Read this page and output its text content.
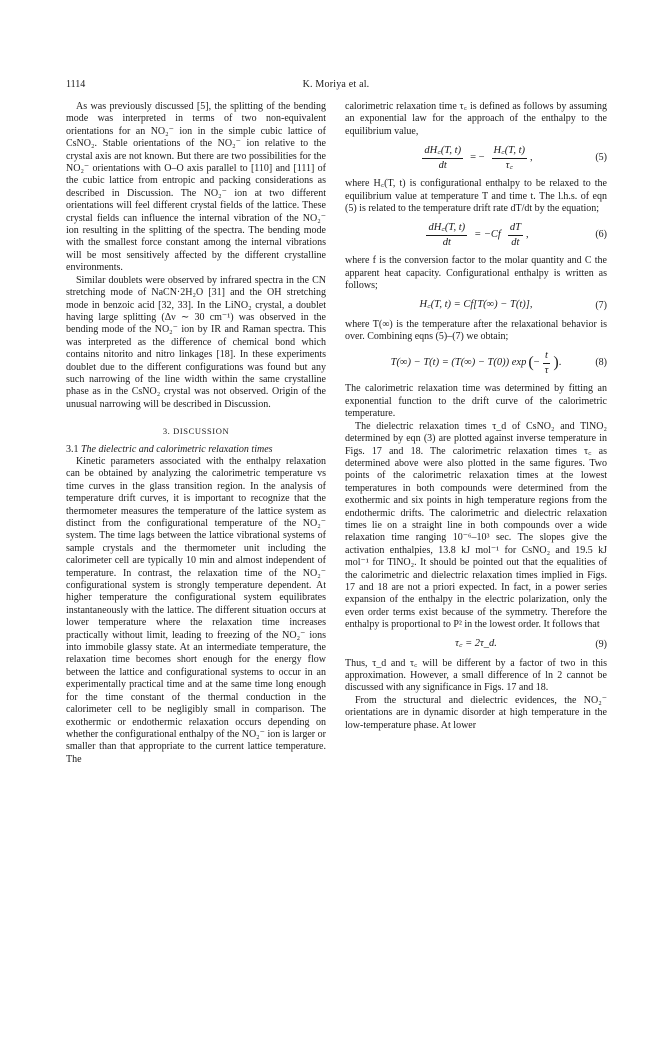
1114	K. Moriya et al.

As was previously discussed [5], the splitting of the bending mode was interpreted in terms of two non-equivalent orientations for an NO₂⁻ ion in the simple cubic lattice of CsNO₂. Stable orientations of the NO₂⁻ ion relative to the crystal axis are not known. But there are two possibilities for the NO₂⁻ orientations with O–O axis parallel to [110] and [111] of the cubic lattice from entropic and packing considerations as described in Discussion. The NO₂⁻ ion at two different orientations will feel different crystal fields of the lattice. These crystal fields can influence the internal vibration of the NO₂⁻ ion resulting in the splitting of the spectra. The bending mode with the smallest force constant among the internal vibrations will be most sensitively affected by the different crystalline environments.

Similar doublets were observed by infrared spectra in the CN stretching mode of NaCN·2H₂O [31] and the OH stretching mode in benzoic acid [32, 33]. In the LiNO₂ crystal, a doublet having large splitting (Δν ∼ 30 cm⁻¹) was observed in the bending mode of the NO₂⁻ ion by IR and Raman spectra. This was interpreted as the difference of chemical bond which contains nitorito and nitro linkages [18]. In these experiments doublet due to the different configurations was found but any such narrowing of the line width within the same crystalline phase as in the CsNO₂ crystal was not observed. Origin of the unusual narrowing will be described in Discussion.

3. DISCUSSION

3.1 The dielectric and calorimetric relaxation times

Kinetic parameters associated with the enthalpy relaxation can be obtained by analyzing the calorimetric temperature vs time curves in the glass transition region. In the analysis of temperature drift curves, it is important to recognize that the thermometer measures the temperature of the lattice system as distinct from the configurational temperature of the NO₂⁻ system. The time lags between the lattice vibrational systems of sample crystals and the thermometer unit including the calorimeter cell are typically 10 min and almost independent of temperature. In contrast, the relaxation time of the NO₂⁻ configurational system is strongly temperature dependent. At higher temperature the configurational system equilibrates instantaneously with the lattice. The different situation occurs at lower temperature where the relaxation time increases practically without limit, leading to freezing of the NO₂⁻ ions into immobile glassy state. At an intermediate temperature, the relaxation time becomes short enough for the energy flow between the lattice and configurational systems to occur in an experimentally practical time and at the same time long enough for the time constant of the thermal conduction in the calorimeter cell to be negligibly small in comparison. The exothermic or endothermic relaxation occurs depending on whether the configurational enthalpy of the NO₂⁻ ion is larger or smaller than that appropriate to the current lattice temperature. The

calorimetric relaxation time τ꜀ is defined as follows by assuming an exponential law for the approach of the enthalpy to the equilibrium value,

$\frac{dH꜀(T, t)}{dt}$ = − $\frac{H꜀(T, t)}{\tau꜀}$ ,	(5)

where H꜀(T, t) is configurational enthalpy to be relaxed to the equilibrium value at temperature T and time t. The l.h.s. of eqn (5) is related to the temperature drift rate dT/dt by the equation;

$\frac{dH꜀(T, t)}{dt} = -Cf \frac{dT}{dt}$ ,	(6)

where f is the conversion factor to the molar quantity and C the apparent heat capacity. Configurational enthalpy is written as follows;

H꜀(T, t) = Cf[T(∞) − T(t)],	(7)

where T(∞) is the temperature after the relaxational behavior is over. Combining eqns (5)–(7) we obtain;

T(∞) − T(t) = (T(∞) − T(0)) exp ( − $\frac{t}{\tau}$ ) .	(8)

The calorimetric relaxation time was determined by fitting an exponential function to the drift curve of the calorimetric temperature.

The dielectric relaxation times τ_d of CsNO₂ and TlNO₂ determined by eqn (3) are plotted against inverse temperature in Figs. 17 and 18. The calorimetric relaxation times τ꜀ as determined above were also plotted in the same figures. Two points of the calorimetric relaxation times at the lowest temperatures in both compounds were determined from the exothermic and six points in high temperature regions from the endothermic drifts. The calorimetric and dielectric relaxation times lie on a straight line in both compounds over a wide relaxation time ranging 10⁻⁶–10³ sec. The slopes give the activation enthalpies, 13.8 kJ mol⁻¹ for CsNO₂ and 19.5 kJ mol⁻¹ for TlNO₂. It should be pointed out that the equalities of the calorimetric and dielectric relaxation times implied in Figs. 17 and 18 are not a priori expected. In fact, in a power series expansion of the enthalpy in the electric polarization, only the even order terms exist because of the symmetry. Therefore the enthalpy is proportional to P² in the lowest order. It follows that

τ꜀ = 2τ_d.	(9)

Thus, τ_d and τ꜀ will be different by a factor of two in this approximation. However, a small difference of ln 2 cannot be discussed with any significance in Figs. 17 and 18.

From the structural and dielectric evidences, the NO₂⁻ orientations are in dynamic disorder at high temperature in the low-temperature phase. At lower
